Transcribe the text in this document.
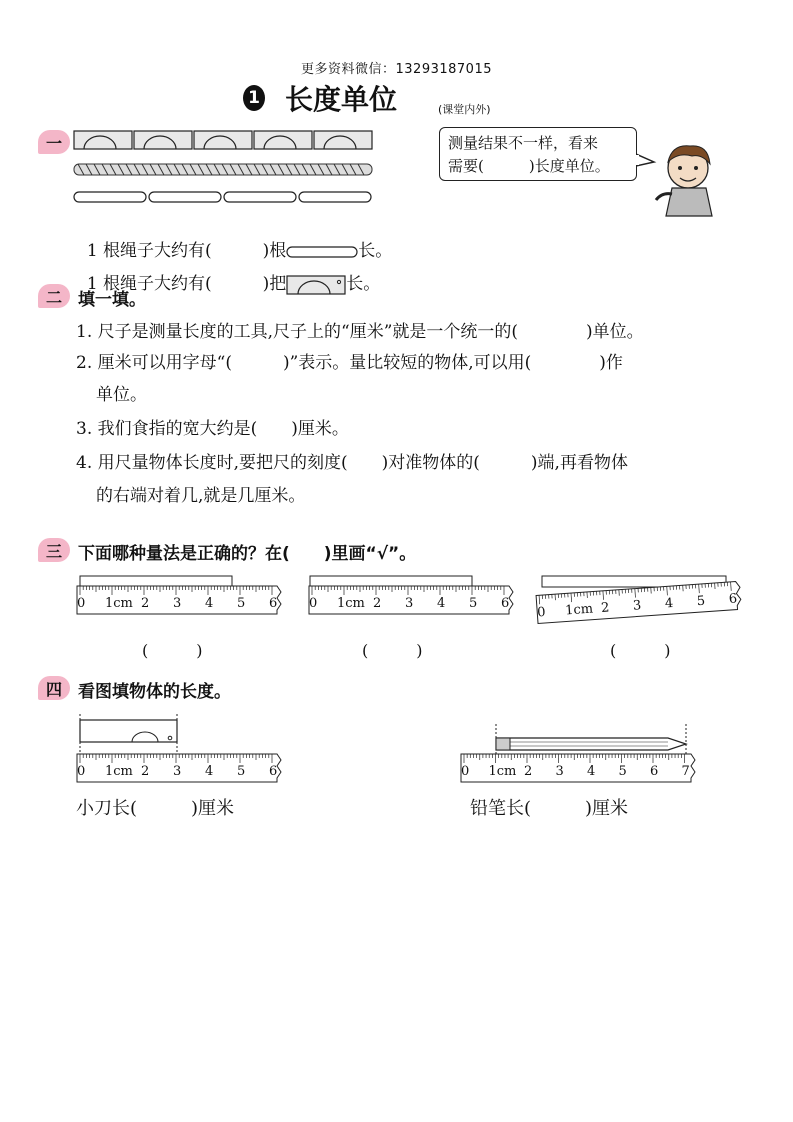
更多资料微信：13293187015
1 长度单位	(课堂内外)
一

1 根绳子大约有(　　　)根	长。

1 根绳子大约有(　　　)把	长。

测量结果不一样，看来
需要(　　　)长度单位。
二 填一填。
1. 尺子是测量长度的工具,尺子上的“厘米”就是一个统一的(　　　　)单位。
2. 厘米可以用字母“(　　　)”表示。量比较短的物体,可以用(　　　　)作
单位。
3. 我们食指的宽大约是(　　)厘米。
4. 用尺量物体长度时,要把尺的刻度(　　)对准物体的(　　　)端,再看物体
的右端对着几,就是几厘米。
三 下面哪种量法是正确的？在(　　)里画“√”。
0 1cm 2 3 4 5 6 0 1cm 2 3 4 5 6
0 1cm 2 3 4 5 6
(　　　)	(　　　)	(　　　)
四 看图填物体的长度。
0 1cm 2 3 4 5 6	0 1cm 2 3 4 5 6 7
小刀长(　　　)厘米	铅笔长(　　　)厘米
